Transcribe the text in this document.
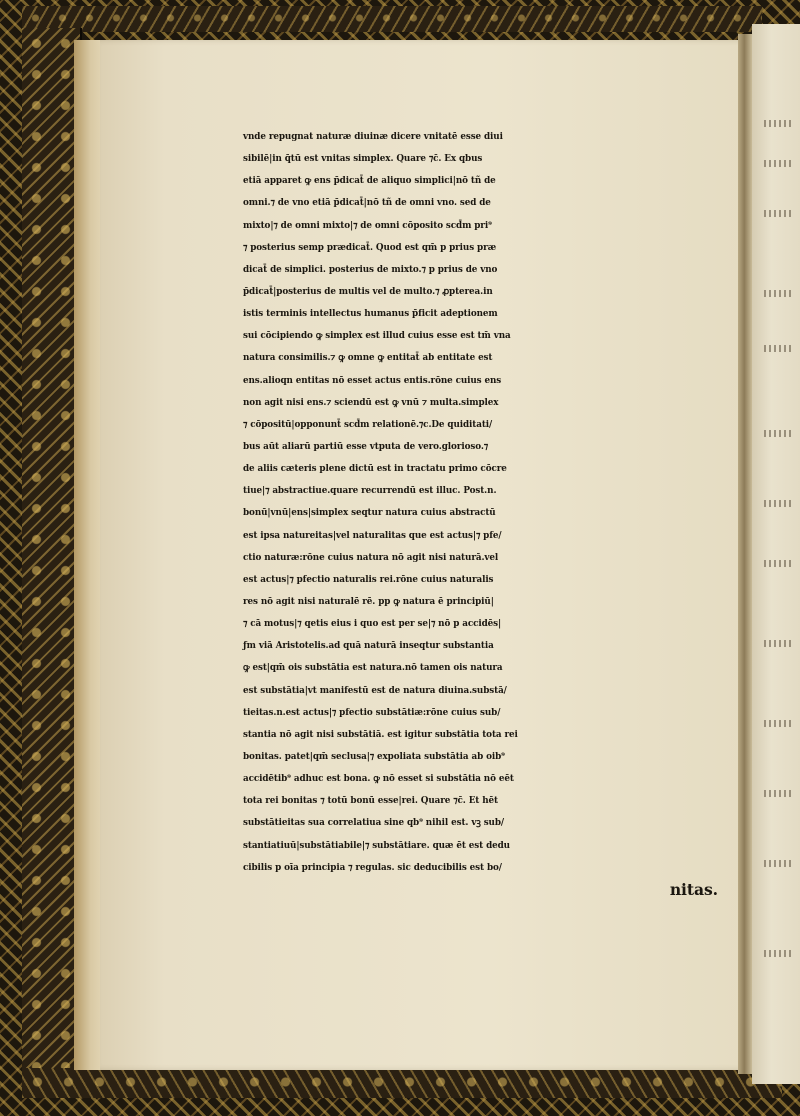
vnde repugnat naturæ diuinæ dicere vnitatē esse diui
sibilē|in q̄tū est vnitas simplex. Quare ⁊c̄. Ex qbus
etiā apparet ꝙ ens p̄dicat̄ de aliquo simplici|nō tñ de
omni.⁊ de vno etiā p̄dicat̄|nō tñ de omni vno. sed de
mixto|⁊ de omni mixto|⁊ de omni cōposito scd̄m pri⁹
⁊ posterius semp prædicat̄. Quod est qm̄ p prius præ
dicat̄ de simplici. posterius de mixto.⁊ p prius de vno
p̄dicat̄|posterius de multis vel de multo.⁊ ꝓpterea.in
istis terminis intellectus humanus p̄ficit adeptionem
sui cōcipiendo ꝙ simplex est illud cuius esse est tm̄ vna
natura consimilis.⁊ ꝙ omne ꝙ entitat̄ ab entitate est
ens.alioqn entitas nō esset actus entis.rōne cuius ens
non agit nisi ens.⁊ sciendū est ꝙ vnū ⁊ multa.simplex
⁊ cōpositū|opponunt̄ scd̄m relationē.⁊c.De quiditati/
bus aūt aliarū partiū esse vtputa de vero.glorioso.⁊
de aliis cæteris plene dictū est in tractatu primo cōcre
tiue|⁊ abstractiue.quare recurrendū est illuc. Post.n.
bonū|vnū|ens|simplex seqtur natura cuius abstractū
est ipsa natureitas|vel naturalitas que est actus|⁊ pfe/
ctio naturæ:rōne cuius natura nō agit nisi naturā.vel
est actus|⁊ pfectio naturalis rei.rōne cuius naturalis
res nō agit nisi naturalē rē. pp ꝙ natura ē principiū|
⁊ cā motus|⁊ qetis eius i quo est per se|⁊ nō p accidēs|
ƒm viā Aristotelis.ad quā naturā inseqtur substantia
ꝙ est|qm̄ ois substātia est natura.nō tamen ois natura
est substātia|vt manifestū est de natura diuina.substā/
tieitas.n.est actus|⁊ pfectio substātiæ:rōne cuius sub/
stantia nō agit nisi substātiā. est igitur substātia tota rei
bonitas. patet|qm̄ seclusa|⁊ expoliata substātia ab oib⁹
accidētib⁹ adhuc est bona. ꝙ nō esset si substātia nō eēt
tota rei bonitas ⁊ totū bonū esse|rei. Quare ⁊c̄. Et hēt
substātieitas sua correlatiua sine qb⁹ nihil est. vꝫ sub/
stantiatiuū|substātiabile|⁊ substātiare. quæ ēt est dedu
cibilis p oīa principia ⁊ regulas. sic deducibilis est bo/
nitas.
